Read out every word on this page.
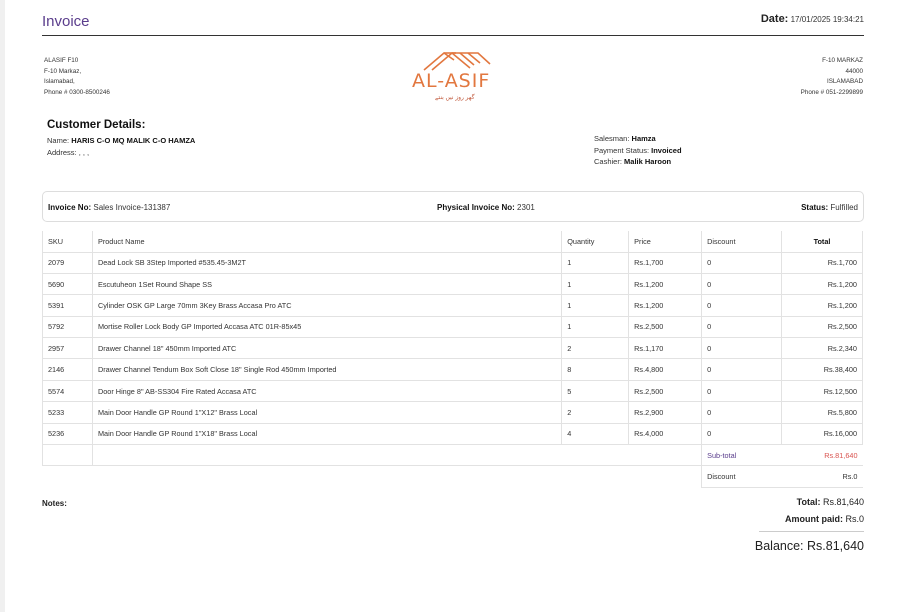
Invoice	Date: 17/01/2025 19:34:21
ALASIF F10
F-10 Markaz,
Islamabad,
Phone # 0300-8500246
AL-ASIF
گھر روز نیں بنتے
F-10 MARKAZ
44000
ISLAMABAD
Phone # 051-2299899
Customer Details:
Name: HARIS C-O MQ MALIK C-O HAMZA
Address: , , ,
Salesman: Hamza
Payment Status: Invoiced
Cashier: Malik Haroon
Invoice No: Sales Invoice-131387	Physical Invoice No: 2301	Status: Fulfilled
SKU	Product Name	Quantity	Price	Discount	Total
2079	Dead Lock SB 3Step Imported #535.45-3M2T	1	Rs.1,700	0	Rs.1,700
5690	Escutuheon 1Set Round Shape SS	1	Rs.1,200	0	Rs.1,200
5391	Cylinder OSK GP Large 70mm 3Key Brass Accasa Pro ATC	1	Rs.1,200	0	Rs.1,200
5792	Mortise Roller Lock Body GP Imported Accasa ATC 01R-85x45	1	Rs.2,500	0	Rs.2,500
2957	Drawer Channel 18" 450mm Imported ATC	2	Rs.1,170	0	Rs.2,340
2146	Drawer Channel Tendum Box Soft Close 18" Single Rod 450mm Imported	8	Rs.4,800	0	Rs.38,400
5574	Door Hinge 8" AB-SS304 Fire Rated Accasa ATC	5	Rs.2,500	0	Rs.12,500
5233	Main Door Handle GP Round 1"X12" Brass Local	2	Rs.2,900	0	Rs.5,800
5236	Main Door Handle GP Round 1"X18" Brass Local	4	Rs.4,000	0	Rs.16,000
				Sub-total	Rs.81,640
				Discount	Rs.0
Notes:	Total: Rs.81,640
Amount paid: Rs.0
Balance: Rs.81,640
